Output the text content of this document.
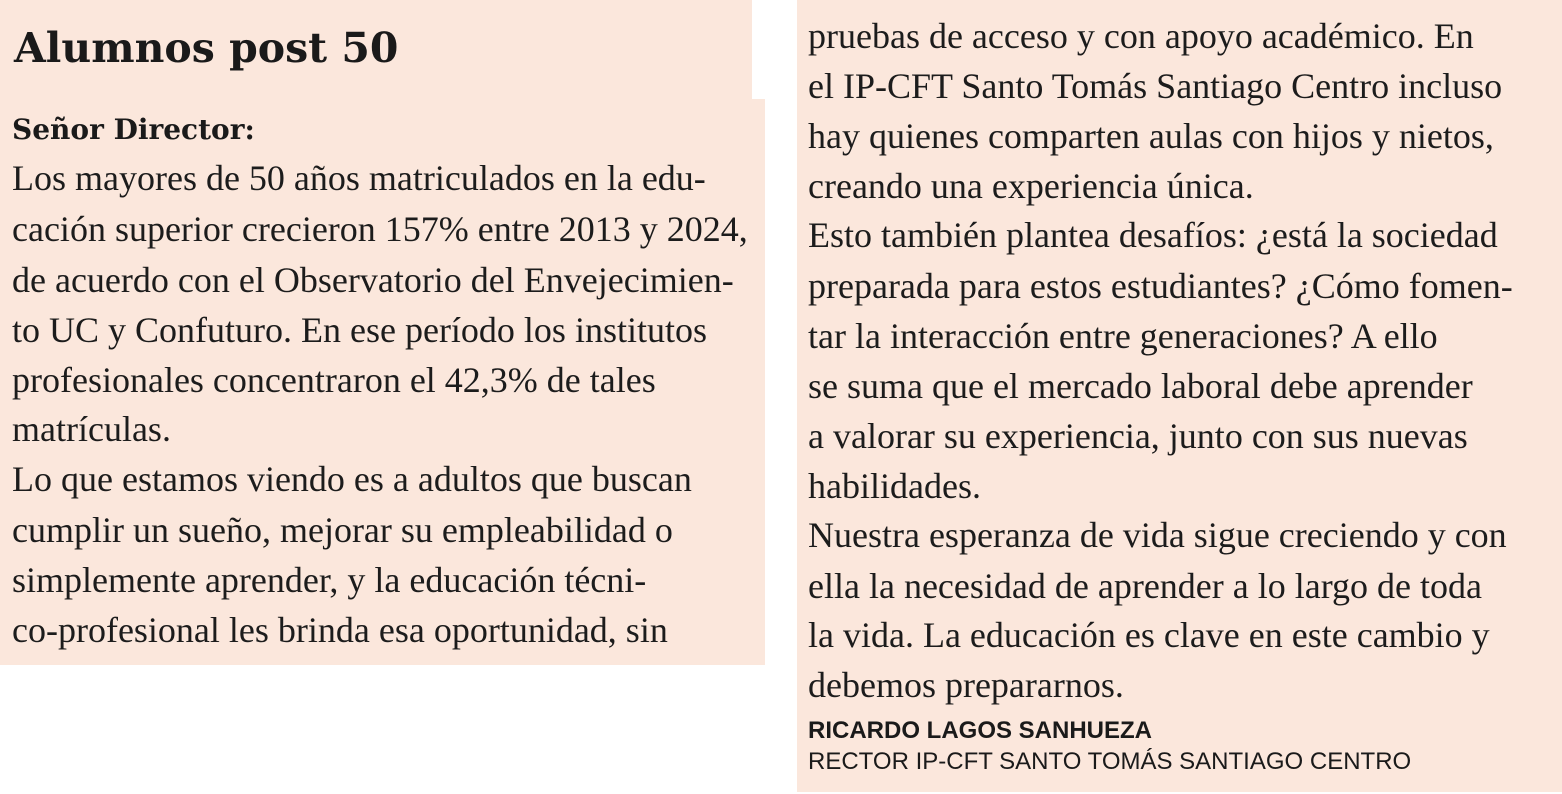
Alumnos post 50
Señor Director:
Los mayores de 50 años matriculados en la edu-
cación superior crecieron 157% entre 2013 y 2024,
de acuerdo con el Observatorio del Envejecimien-
to UC y Confuturo. En ese período los institutos
profesionales concentraron el 42,3% de tales
matrículas.
Lo que estamos viendo es a adultos que buscan
cumplir un sueño, mejorar su empleabilidad o
simplemente aprender, y la educación técni-
co-profesional les brinda esa oportunidad, sin
pruebas de acceso y con apoyo académico. En
el IP-CFT Santo Tomás Santiago Centro incluso
hay quienes comparten aulas con hijos y nietos,
creando una experiencia única.
Esto también plantea desafíos: ¿está la sociedad
preparada para estos estudiantes? ¿Cómo fomen-
tar la interacción entre generaciones? A ello
se suma que el mercado laboral debe aprender
a valorar su experiencia, junto con sus nuevas
habilidades.
Nuestra esperanza de vida sigue creciendo y con
ella la necesidad de aprender a lo largo de toda
la vida. La educación es clave en este cambio y
debemos prepararnos.
RICARDO LAGOS SANHUEZA
RECTOR IP-CFT SANTO TOMÁS SANTIAGO CENTRO
